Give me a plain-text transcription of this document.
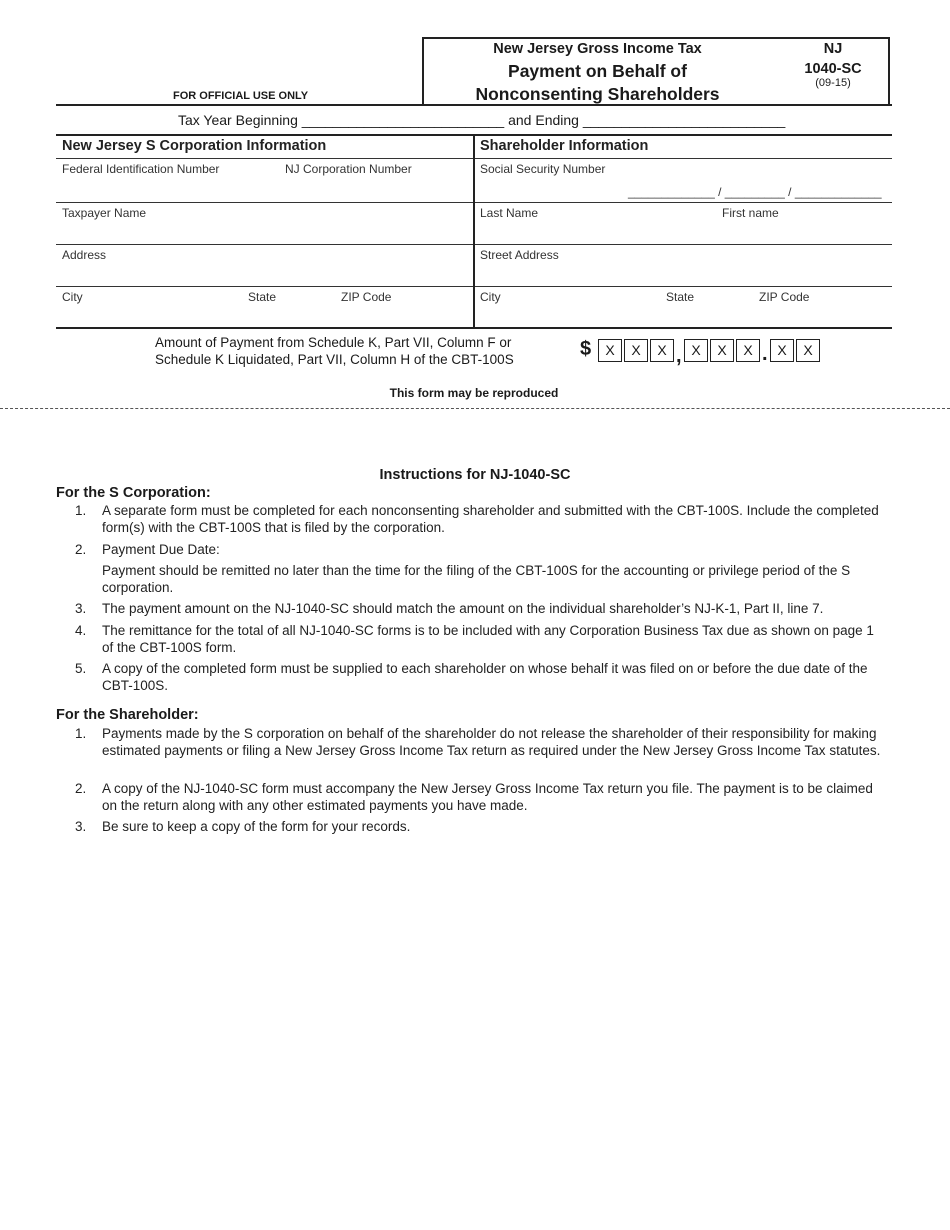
FOR OFFICIAL USE ONLY
New Jersey Gross Income Tax
Payment on Behalf of
Nonconsenting Shareholders
NJ
1040-SC
(09-15)
Tax Year Beginning __________________________ and Ending __________________________
New Jersey S Corporation Information
Federal Identification Number	NJ Corporation Number
Taxpayer Name
Address
City	State	ZIP Code
Shareholder Information
Social Security Number
_____________ / _________ / _____________
Last Name	First name
Street Address
City	State	ZIP Code
Amount of Payment from Schedule K, Part VII, Column F or
Schedule K Liquidated, Part VII, Column H of the CBT-100S	$	X	X	X , X	X	X . X	X
This form may be reproduced
Instructions for NJ-1040-SC
For the S Corporation:
1. A separate form must be completed for each nonconsenting shareholder and submitted with the CBT-100S. Include the completed form(s) with the CBT-100S that is filed by the corporation.
2. Payment Due Date:
Payment should be remitted no later than the time for the filing of the CBT-100S for the accounting or privilege period of the S corporation.
3. The payment amount on the NJ-1040-SC should match the amount on the individual shareholder’s NJ-K-1, Part II, line 7.
4. The remittance for the total of all NJ-1040-SC forms is to be included with any Corporation Business Tax due as shown on page 1 of the CBT-100S form.
5. A copy of the completed form must be supplied to each shareholder on whose behalf it was filed on or before the due date of the CBT-100S.
For the Shareholder:
1. Payments made by the S corporation on behalf of the shareholder do not release the shareholder of their responsibility for making estimated payments or filing a New Jersey Gross Income Tax return as required under the New Jersey Gross Income Tax statutes.
2. A copy of the NJ-1040-SC form must accompany the New Jersey Gross Income Tax return you file. The payment is to be claimed on the return along with any other estimated payments you have made.
3. Be sure to keep a copy of the form for your records.
